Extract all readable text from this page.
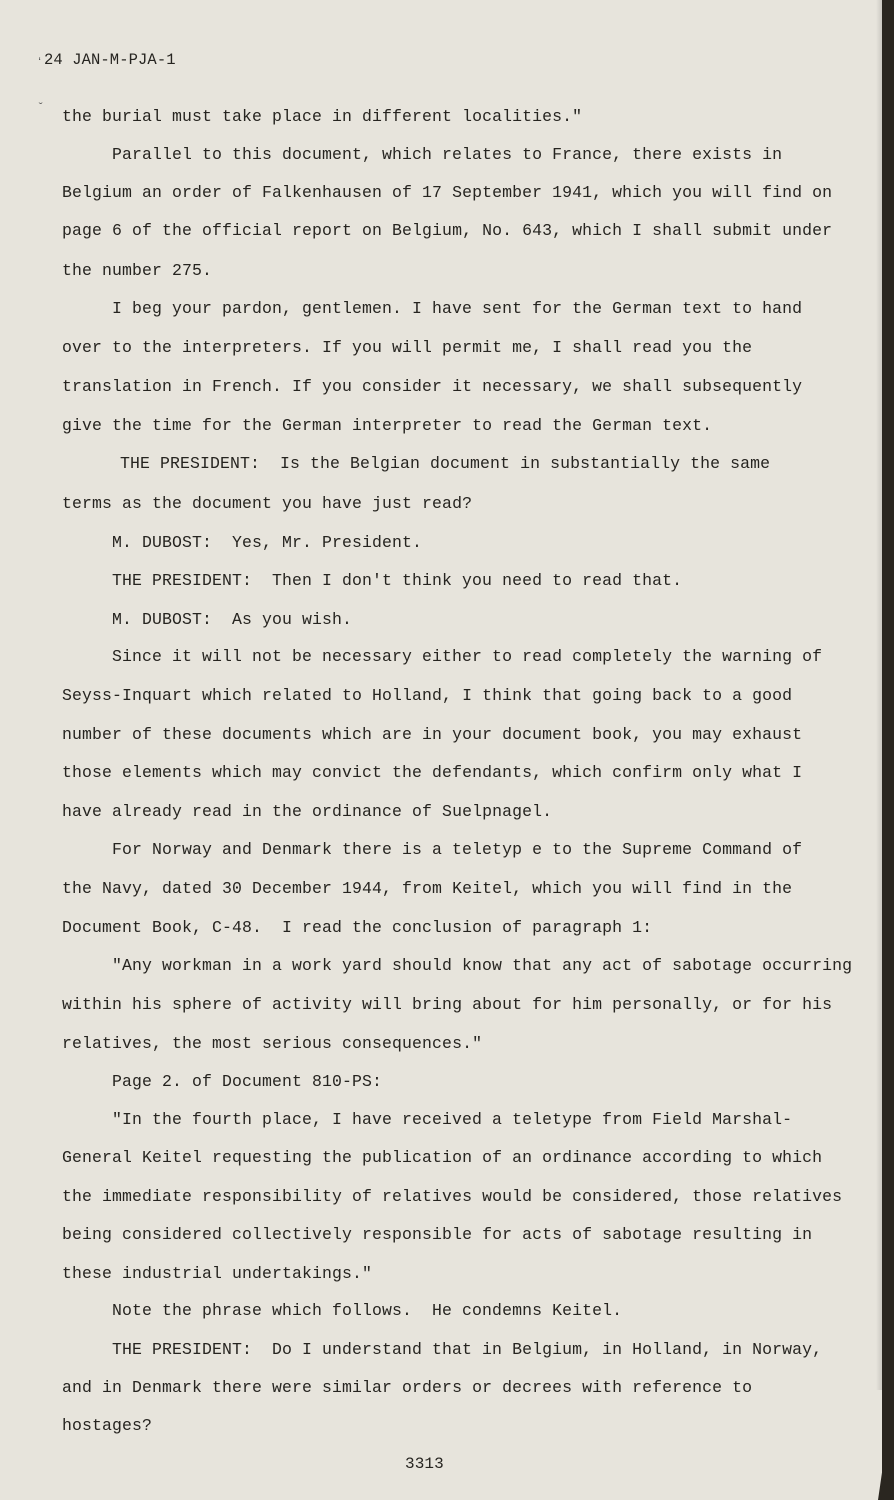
ʻ
ˇ
24 JAN-M-PJA-1
the burial must take place in different localities."
Parallel to this document, which relates to France, there exists in
Belgium an order of Falkenhausen of 17 September 1941, which you will find on
page 6 of the official report on Belgium, No. 643, which I shall submit under
the number 275.
I beg your pardon, gentlemen. I have sent for the German text to hand
over to the interpreters. If you will permit me, I shall read you the
translation in French. If you consider it necessary, we shall subsequently
give the time for the German interpreter to read the German text.
THE PRESIDENT:  Is the Belgian document in substantially the same
terms as the document you have just read?
M. DUBOST:  Yes, Mr. President.
THE PRESIDENT:  Then I don't think you need to read that.
M. DUBOST:  As you wish.
Since it will not be necessary either to read completely the warning of
Seyss-Inquart which related to Holland, I think that going back to a good
number of these documents which are in your document book, you may exhaust
those elements which may convict the defendants, which confirm only what I
have already read in the ordinance of Suelpnagel.
For Norway and Denmark there is a teletyp e to the Supreme Command of
the Navy, dated 30 December 1944, from Keitel, which you will find in the
Document Book, C-48.  I read the conclusion of paragraph 1:
"Any workman in a work yard should know that any act of sabotage occurring
within his sphere of activity will bring about for him personally, or for his
relatives, the most serious consequences."
Page 2. of Document 810-PS:
"In the fourth place, I have received a teletype from Field Marshal-
General Keitel requesting the publication of an ordinance according to which
the immediate responsibility of relatives would be considered, those relatives
being considered collectively responsible for acts of sabotage resulting in
these industrial undertakings."
Note the phrase which follows.  He condemns Keitel.
THE PRESIDENT:  Do I understand that in Belgium, in Holland, in Norway,
and in Denmark there were similar orders or decrees with reference to
hostages?
3313
